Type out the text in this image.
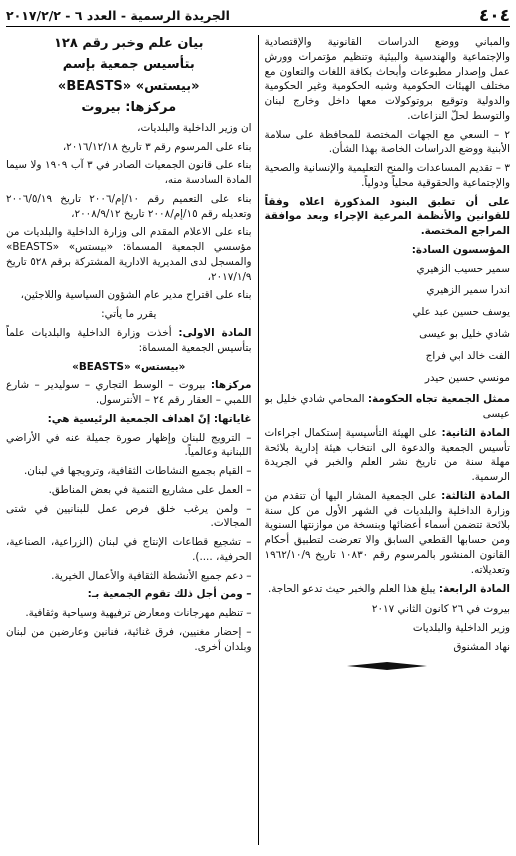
٤٠٤
الجريدة الرسمية - العدد ٦ - ٢٠١٧/٢/٢

والمباني ووضع الدراسات القانونية والإقتصادية والإجتماعية والهندسية والبيئية وتنظيم مؤتمرات وورش عمل وإصدار مطبوعات وأبحاث بكافة اللغات والتعاون مع مختلف الهيئات الحكومية وشبه الحكومية وغير الحكومية والدولية وتوقيع بروتوكولات معها داخل وخارج لبنان والتوسط لحلّ النزاعات.

٢ – السعي مع الجهات المختصة للمحافظة على سلامة الأبنية ووضع الدراسات الخاصة بهذا الشأن.

٣ – تقديم المساعدات والمنح التعليمية والإنسانية والصحية والإجتماعية والحقوقية محلياً ودولياً.

على أن تطبق البنود المذكورة اعلاه وفقاً للقوانين والأنظمة المرعية الإجراء وبعد موافقة المراجع المختصة.

المؤسسون السادة:

سمير حسيب الزهيري

اندرا سمير الزهيري

يوسف حسين عبد علي

شادي خليل بو عيسى

الفت خالد ابي فراج

مونسي حسين حيدر

ممثل الجمعية تجاه الحكومة: المحامي شادي خليل بو عيسى

المادة الثانية: على الهيئة التأسيسية إستكمال اجراءات تأسيس الجمعية والدعوة الى انتخاب هيئة إدارية بلائحة مهلة سنة من تاريخ نشر العلم والخبر في الجريدة الرسمية.

المادة الثالثة: على الجمعية المشار اليها أن تتقدم من وزارة الداخلية والبلديات في الشهر الأول من كل سنة بلائحة تتضمن أسماء أعضائها وبنسخة من موازنتها السنوية ومن حسابها القطعي السابق والا تعرضت لتطبيق أحكام القانون المنشور بالمرسوم رقم ١٠٨٣٠ تاريخ ١٩٦٢/١٠/٩ وتعديلاته.

المادة الرابعة: يبلغ هذا العلم والخبر حيث تدعو الحاجة.

بيروت في ٢٦ كانون الثاني ٢٠١٧

وزير الداخلية والبلديات

نهاد المشنوق

بيان علم وخبر رقم ١٢٨

بتأسيس جمعية بإسم

«بيستس» «BEASTS»

مركزها: بيروت

ان وزير الداخلية والبلديات،

بناء على المرسوم رقم ٣ تاريخ ٢٠١٦/١٢/١٨،

بناء على قانون الجمعيات الصادر في ٣ آب ١٩٠٩ ولا سيما المادة السادسة منه،

بناء على التعميم رقم ١٠/إم/٢٠٠٦ تاريخ ٢٠٠٦/٥/١٩ وتعديله رقم ١٥/إم/٢٠٠٨ تاريخ ٢٠٠٨/٩/١٢،

بناء على الاعلام المقدم الى وزارة الداخلية والبلديات من مؤسسي الجمعية المسماة: «بيستس» «BEASTS» والمسجل لدى المديرية الادارية المشتركة برقم ٥٢٨ تاريخ ٢٠١٧/١/٩،

بناء على اقتراح مدير عام الشؤون السياسية واللاجئين،

يقرر ما يأتي:

المادة الاولى: أخذت وزارة الداخلية والبلديات علماً بتأسيس الجمعية المسماة:

«بيستس» «BEASTS»

مركزها: بيروت – الوسط التجاري – سوليدير – شارع اللمبي – العقار رقم ٢٤ – الأنترسول.

غاياتها: إنّ اهداف الجمعية الرئيسية هي:

– الترويج للبنان وإظهار صورة جميلة عنه في الأراضي اللبنانية وعالمياً.

– القيام بجميع النشاطات الثقافية، وترويجها في لبنان.

– العمل على مشاريع التنمية في بعض المناطق.

– ولمن يرغب خلق فرص عمل للبنانيين في شتى المجالات.

– تشجيع قطاعات الإنتاج في لبنان (الزراعية، الصناعية، الحرفية، ....).

– دعم جميع الأنشطة الثقافية والأعمال الخيرية.

– ومن أجل ذلك تقوم الجمعية بـ:

– تنظيم مهرجانات ومعارض ترفيهية وسياحية وثقافية.

– إحضار مغنيين، فرق غنائية، فنانين وعارضين من لبنان وبلدان أخرى.
